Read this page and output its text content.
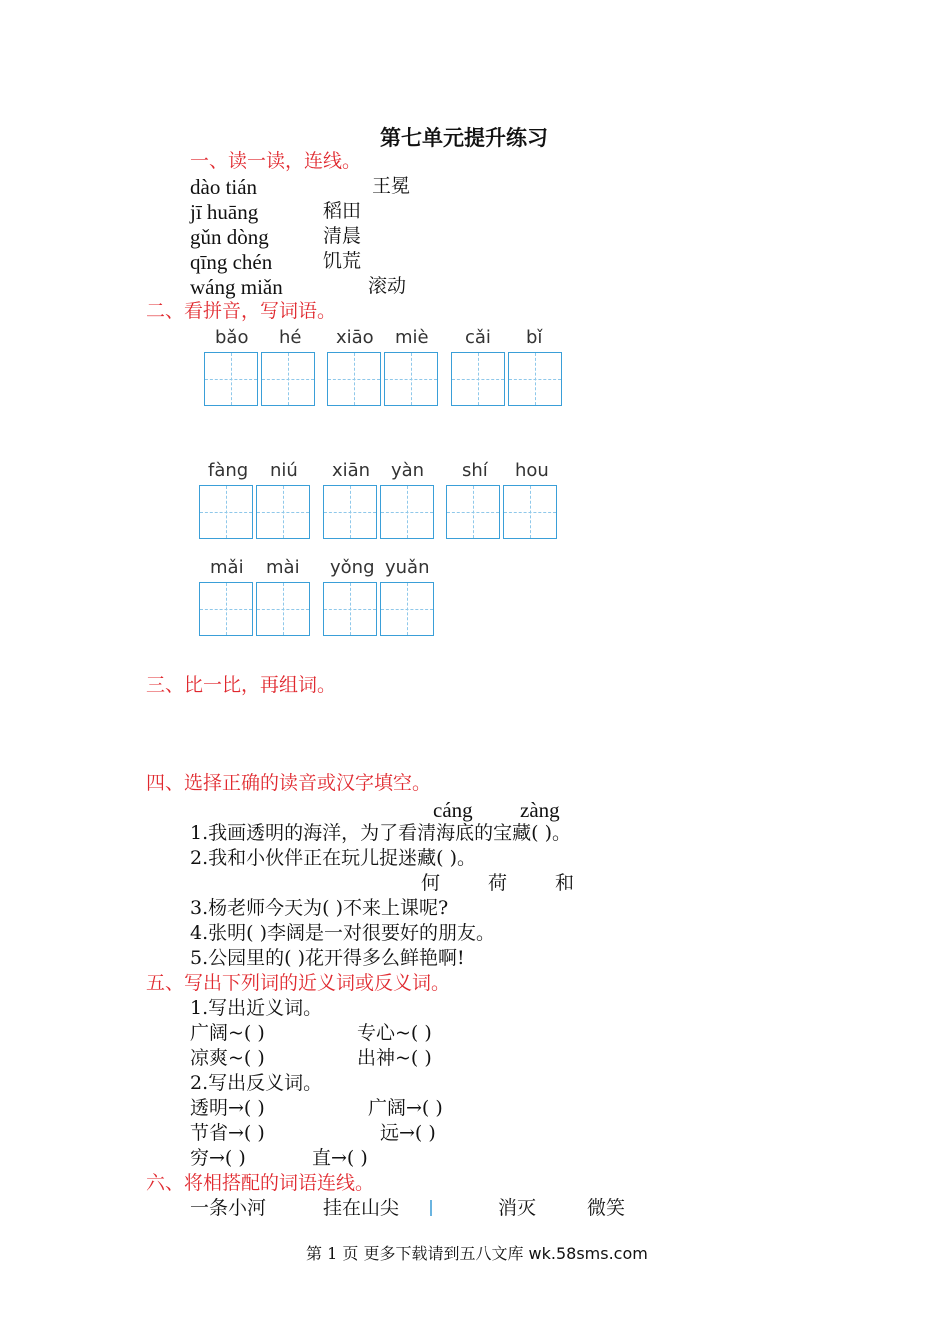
第七单元提升练习
一、读一读，连线。
dào tián
jī huāng
gǔn dòng
qīng chén
wáng miǎn
王冕
稻田
清晨
饥荒
滚动
二、看拼音，写词语。
bǎo hé xiāo miè cǎi bǐ
fàng niú xiān yàn shí hou
mǎi mài yǒng yuǎn
三、比一比，再组词。
四、选择正确的读音或汉字填空。
cáng zàng
1.我画透明的海洋，为了看清海底的宝藏( )。
2.我和小伙伴正在玩儿捉迷藏( )。
何	荷	和
3.杨老师今天为( )不来上课呢?
4.张明( )李阔是一对很要好的朋友。
5.公园里的( )花开得多么鲜艳啊!
五、写出下列词的近义词或反义词。
1.写出近义词。
广阔~( )	专心~( )
凉爽~( )	出神~( )
2.写出反义词。
透明→( )	广阔→( )
节省→( )	远→( )
穷→( )	直→( )
六、将相搭配的词语连线。
一条小河	挂在山尖	消灭	微笑
第 1 页 更多下载请到五八文库 wk.58sms.com
